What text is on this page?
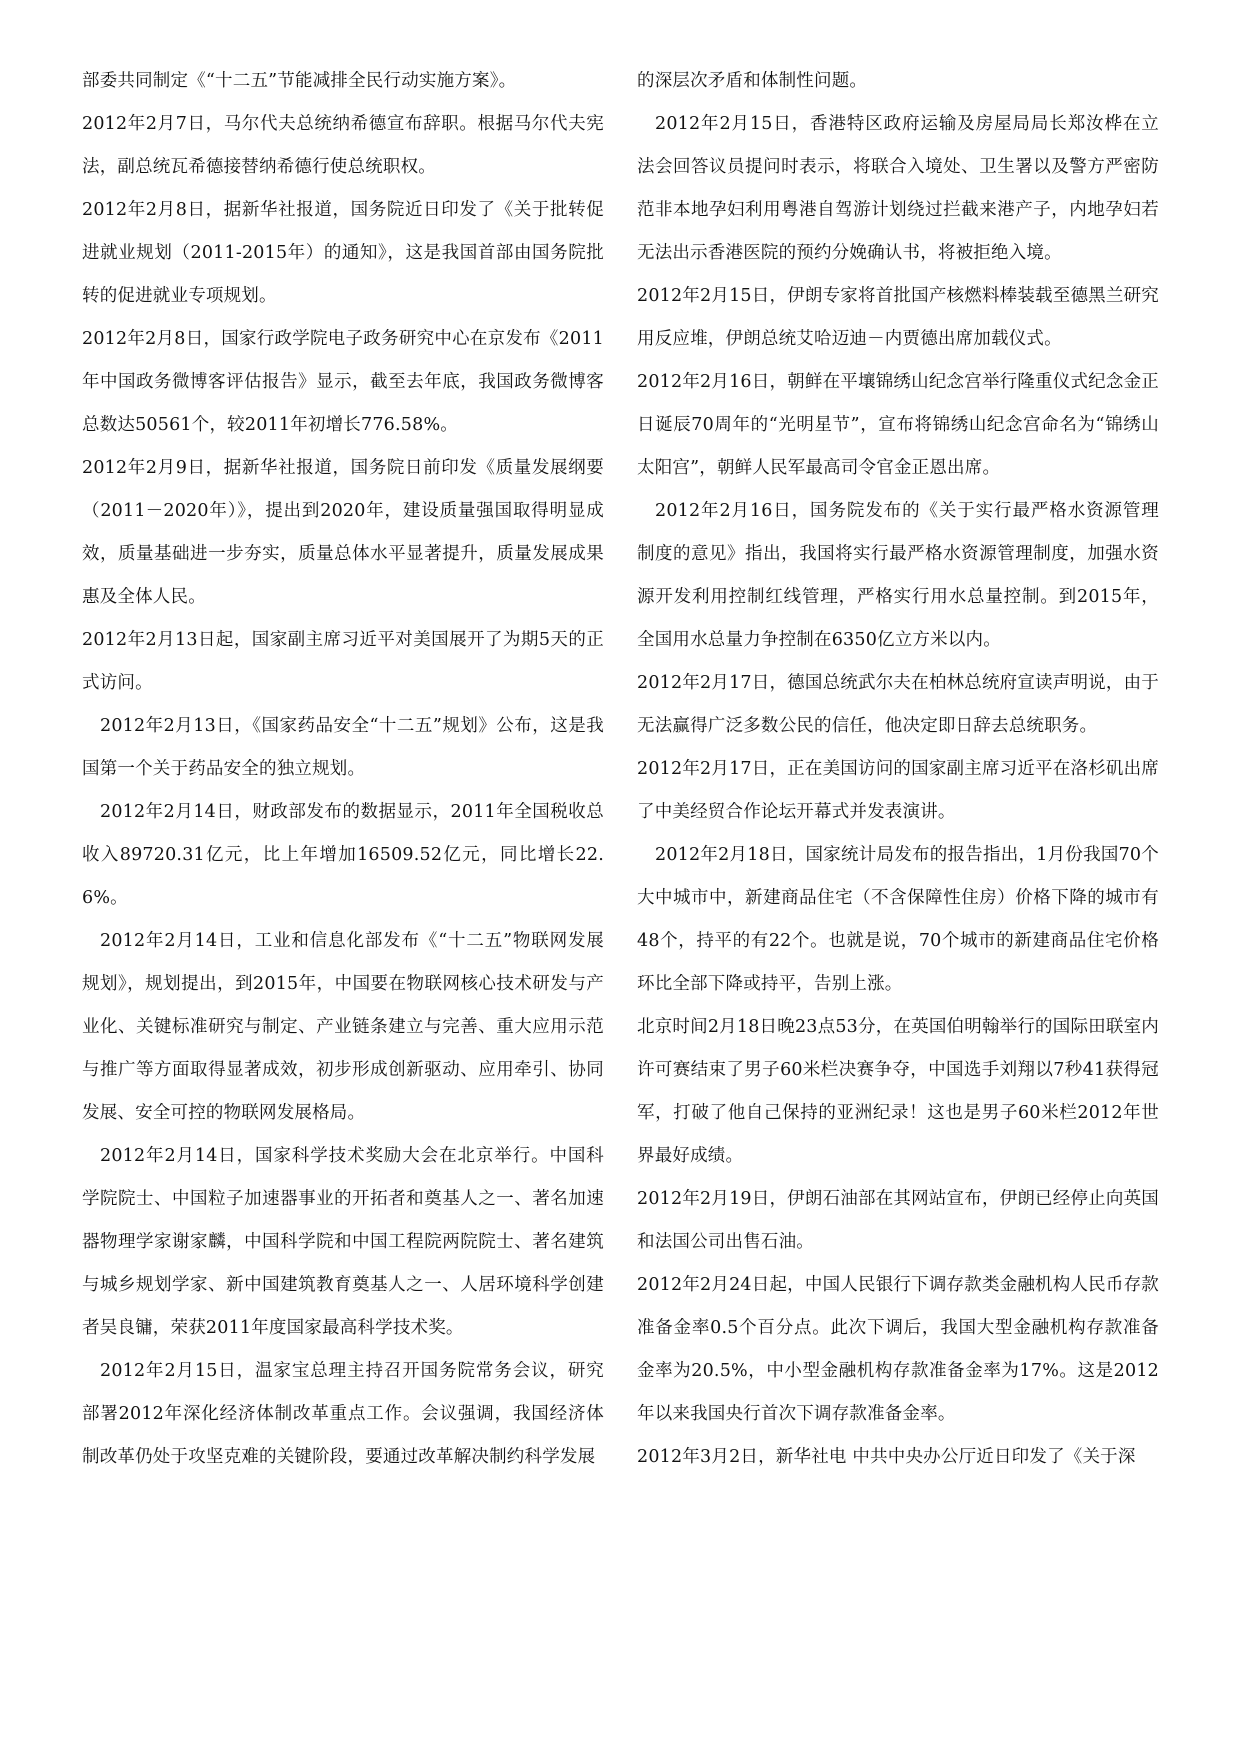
部委共同制定《“十二五”节能减排全民行动实施方案》。

2012年2月7日，马尔代夫总统纳希德宣布辞职。根据马尔代夫宪法，副总统瓦希德接替纳希德行使总统职权。

2012年2月8日，据新华社报道，国务院近日印发了《关于批转促进就业规划（2011-2015年）的通知》，这是我国首部由国务院批转的促进就业专项规划。

2012年2月8日，国家行政学院电子政务研究中心在京发布《2011年中国政务微博客评估报告》显示，截至去年底，我国政务微博客总数达50561个，较2011年初增长776.58%。

2012年2月9日，据新华社报道，国务院日前印发《质量发展纲要（2011－2020年）》，提出到2020年，建设质量强国取得明显成效，质量基础进一步夯实，质量总体水平显著提升，质量发展成果惠及全体人民。

2012年2月13日起，国家副主席习近平对美国展开了为期5天的正式访问。

2012年2月13日，《国家药品安全“十二五”规划》公布，这是我国第一个关于药品安全的独立规划。

2012年2月14日，财政部发布的数据显示，2011年全国税收总收入89720.31亿元，比上年增加16509.52亿元，同比增长22.6%。

2012年2月14日，工业和信息化部发布《“十二五”物联网发展规划》，规划提出，到2015年，中国要在物联网核心技术研发与产业化、关键标准研究与制定、产业链条建立与完善、重大应用示范与推广等方面取得显著成效，初步形成创新驱动、应用牵引、协同发展、安全可控的物联网发展格局。

2012年2月14日，国家科学技术奖励大会在北京举行。中国科学院院士、中国粒子加速器事业的开拓者和奠基人之一、著名加速器物理学家谢家麟，中国科学院和中国工程院两院院士、著名建筑与城乡规划学家、新中国建筑教育奠基人之一、人居环境科学创建者吴良镛，荣获2011年度国家最高科学技术奖。

2012年2月15日，温家宝总理主持召开国务院常务会议，研究部署2012年深化经济体制改革重点工作。会议强调，我国经济体制改革仍处于攻坚克难的关键阶段，要通过改革解决制约科学发展

的深层次矛盾和体制性问题。

2012年2月15日，香港特区政府运输及房屋局局长郑汝桦在立法会回答议员提问时表示，将联合入境处、卫生署以及警方严密防范非本地孕妇利用粤港自驾游计划绕过拦截来港产子，内地孕妇若无法出示香港医院的预约分娩确认书，将被拒绝入境。

2012年2月15日，伊朗专家将首批国产核燃料棒装载至德黑兰研究用反应堆，伊朗总统艾哈迈迪－内贾德出席加载仪式。

2012年2月16日，朝鲜在平壤锦绣山纪念宫举行隆重仪式纪念金正日诞辰70周年的“光明星节”，宣布将锦绣山纪念宫命名为“锦绣山太阳宫”，朝鲜人民军最高司令官金正恩出席。

2012年2月16日，国务院发布的《关于实行最严格水资源管理制度的意见》指出，我国将实行最严格水资源管理制度，加强水资源开发利用控制红线管理，严格实行用水总量控制。到2015年，全国用水总量力争控制在6350亿立方米以内。

2012年2月17日，德国总统武尔夫在柏林总统府宣读声明说，由于无法赢得广泛多数公民的信任，他决定即日辞去总统职务。

2012年2月17日，正在美国访问的国家副主席习近平在洛杉矶出席了中美经贸合作论坛开幕式并发表演讲。

2012年2月18日，国家统计局发布的报告指出，1月份我国70个大中城市中，新建商品住宅（不含保障性住房）价格下降的城市有48个，持平的有22个。也就是说，70个城市的新建商品住宅价格环比全部下降或持平，告别上涨。

北京时间2月18日晚23点53分，在英国伯明翰举行的国际田联室内许可赛结束了男子60米栏决赛争夺，中国选手刘翔以7秒41获得冠军，打破了他自己保持的亚洲纪录！这也是男子60米栏2012年世界最好成绩。

2012年2月19日，伊朗石油部在其网站宣布，伊朗已经停止向英国和法国公司出售石油。

2012年2月24日起，中国人民银行下调存款类金融机构人民币存款准备金率0.5个百分点。此次下调后，我国大型金融机构存款准备金率为20.5%，中小型金融机构存款准备金率为17%。这是2012年以来我国央行首次下调存款准备金率。

2012年3月2日，新华社电 中共中央办公厅近日印发了《关于深
